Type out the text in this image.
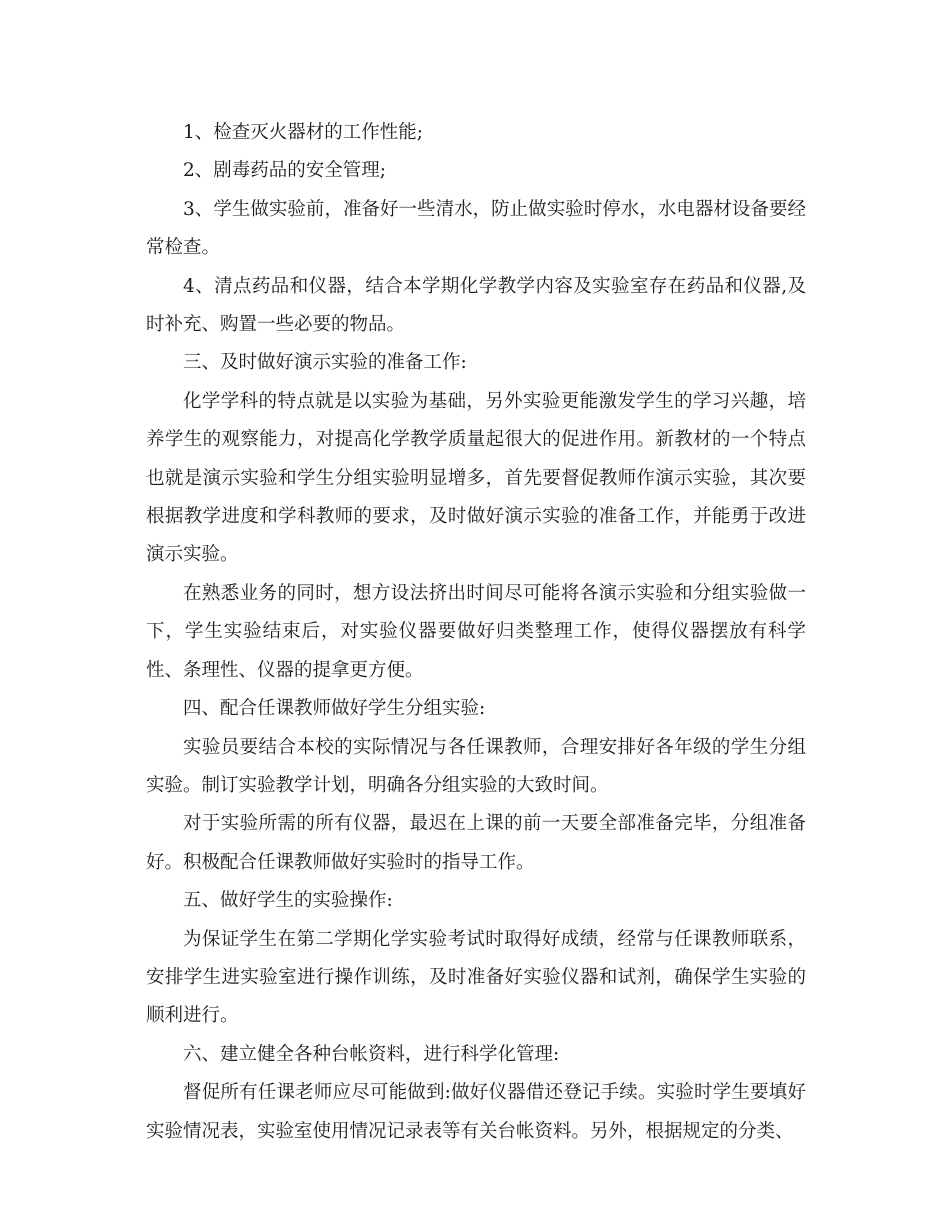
1、检查灭火器材的工作性能;

2、剧毒药品的安全管理;

3、学生做实验前，准备好一些清水，防止做实验时停水，水电器材设备要经常检查。

4、清点药品和仪器，结合本学期化学教学内容及实验室存在药品和仪器,及时补充、购置一些必要的物品。

三、及时做好演示实验的准备工作:

化学学科的特点就是以实验为基础，另外实验更能激发学生的学习兴趣，培养学生的观察能力，对提高化学教学质量起很大的促进作用。新教材的一个特点也就是演示实验和学生分组实验明显增多，首先要督促教师作演示实验，其次要根据教学进度和学科教师的要求，及时做好演示实验的准备工作，并能勇于改进演示实验。

在熟悉业务的同时，想方设法挤出时间尽可能将各演示实验和分组实验做一下，学生实验结束后，对实验仪器要做好归类整理工作，使得仪器摆放有科学性、条理性、仪器的提拿更方便。

四、配合任课教师做好学生分组实验:

实验员要结合本校的实际情况与各任课教师，合理安排好各年级的学生分组实验。制订实验教学计划，明确各分组实验的大致时间。

对于实验所需的所有仪器，最迟在上课的前一天要全部准备完毕，分组准备好。积极配合任课教师做好实验时的指导工作。

五、做好学生的实验操作:

为保证学生在第二学期化学实验考试时取得好成绩，经常与任课教师联系，安排学生进实验室进行操作训练，及时准备好实验仪器和试剂，确保学生实验的顺利进行。

六、建立健全各种台帐资料，进行科学化管理:

督促所有任课老师应尽可能做到:做好仪器借还登记手续。实验时学生要填好实验情况表，实验室使用情况记录表等有关台帐资料。另外，根据规定的分类、
